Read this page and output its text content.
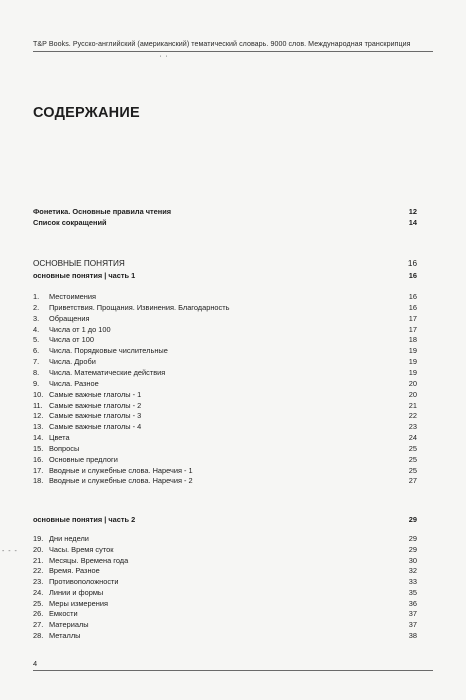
T&P Books. Русско-английский (американский) тематический словарь. 9000 слов. Международная транскрипция
'   '
СОДЕРЖАНИЕ
Фонетика. Основные правила чтения	12
Список сокращений	14
ОСНОВНЫЕ ПОНЯТИЯ	16
основные понятия | часть 1	16
1. Местоимения	16
2. Приветствия. Прощания. Извинения. Благодарность	16
3. Обращения	17
4. Числа от 1 до 100	17
5. Числа от 100	18
6. Числа. Порядковые числительные	19
7. Числа. Дроби	19
8. Числа. Математические действия	19
9. Числа. Разное	20
10. Самые важные глаголы - 1	20
11. Самые важные глаголы - 2	21
12. Самые важные глаголы - 3	22
13. Самые важные глаголы - 4	23
14. Цвета	24
15. Вопросы	25
16. Основные предлоги	25
17. Вводные и служебные слова. Наречия - 1	25
18. Вводные и служебные слова. Наречия - 2	27
основные понятия | часть 2	29
19. Дни недели	29
20. Часы. Время суток	29
21. Месяцы. Времена года	30
22. Время. Разное	32
23. Противоположности	33
24. Линии и формы	35
25. Меры измерения	36
26. Емкости	37
27. Материалы	37
28. Металлы	38
- - -
4
